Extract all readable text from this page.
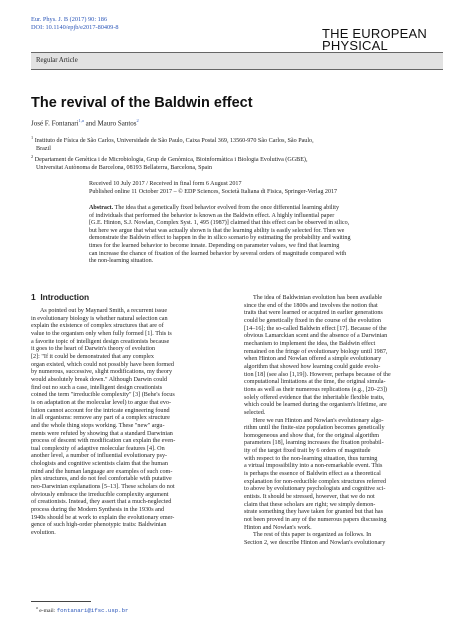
Eur. Phys. J. B (2017) 90: 186
DOI: 10.1140/epjb/e2017-80409-8	THE EUROPEAN
PHYSICAL
Regular Article
The revival of the Baldwin effect
José F. Fontanari$^{1,a}$ and Mauro Santos$^2$
$^1$ Instituto de Física de São Carlos, Universidade de São Paulo, Caixa Postal 369, 13560-970 São Carlos, São Paulo,
Brazil
$^2$ Departament de Genètica i de Microbiologia, Grup de Genòmica, Bioinformàtica i Biologia Evolutiva (GGBE),
Universitat Autònoma de Barcelona, 08193 Bellaterra, Barcelona, Spain
Received 10 July 2017 / Received in final form 6 August 2017
Published online 11 October 2017 – © EDP Sciences, Società Italiana di Fisica, Springer-Verlag 2017
Abstract. The idea that a genetically fixed behavior evolved from the once differential learning ability
of individuals that performed the behavior is known as the Baldwin effect. A highly influential paper
[G.E. Hinton, S.J. Nowlan, Complex Syst. 1, 495 (1987)] claimed that this effect can be observed in silico,
but here we argue that what was actually shown is that the learning ability is easily selected for. Then we
demonstrate the Baldwin effect to happen in the in silico scenario by estimating the probability and waiting
times for the learned behavior to become innate. Depending on parameter values, we find that learning
can increase the chance of fixation of the learned behavior by several orders of magnitude compared with
the non-learning situation.
1 Introduction
As pointed out by Maynard Smith, a recurrent issue
in evolutionary biology is whether natural selection can
explain the existence of complex structures that are of
value to the organism only when fully formed [1]. This is
a favorite topic of intelligent design creationists because
it goes to the heart of Darwin's theory of evolution
[2]: "If it could be demonstrated that any complex
organ existed, which could not possibly have been formed
by numerous, successive, slight modifications, my theory
would absolutely break down." Although Darwin could
find out no such a case, intelligent design creationists
coined the term "irreducible complexity" [3] (Behe's focus
is on adaptation at the molecular level) to argue that evo-
lution cannot account for the intricate engineering found
in all organisms: remove any part of a complex structure
and the whole thing stops working. These "new" argu-
ments were refuted by showing that a standard Darwinian
process of descent with modification can explain the even-
tual complexity of adaptive molecular features [4]. On
another level, a number of influential evolutionary psy-
chologists and cognitive scientists claim that the human
mind and the human language are examples of such com-
plex structures, and do not feel comfortable with putative
neo-Darwinian explanations [5–13]. These scholars do not
obviously embrace the irreducible complexity argument
of creationists. Instead, they assert that a much-neglected
process during the Modern Synthesis in the 1930s and
1940s should be at work to explain the evolutionary emer-
gence of such high-order phenotypic traits: Baldwinian
evolution.
The idea of Baldwinian evolution has been available
since the end of the 1800s and involves the notion that
traits that were learned or acquired in earlier generations
could be genetically fixed in the course of the evolution
[14–16]; the so-called Baldwin effect [17]. Because of the
obvious Lamarckian scent and the absence of a Darwinian
mechanism to implement the idea, the Baldwin effect
remained on the fringe of evolutionary biology until 1987,
when Hinton and Nowlan offered a simple evolutionary
algorithm that showed how learning could guide evolu-
tion [18] (see also [1,19]). However, perhaps because of the
computational limitations at the time, the original simula-
tions as well as their numerous replications (e.g., [20–23])
solely offered evidence that the inheritable flexible traits,
which could be learned during the organism's lifetime, are
selected.
Here we run Hinton and Nowlan's evolutionary algo-
rithm until the finite-size population becomes genetically
homogeneous and show that, for the original algorithm
parameters [18], learning increases the fixation probabil-
ity of the target fixed trait by 6 orders of magnitude
with respect to the non-learning situation, thus turning
a virtual impossibility into a non-remarkable event. This
is perhaps the essence of Baldwin effect as a theoretical
explanation for non-reducible complex structures referred
to above by evolutionary psychologists and cognitive sci-
entists. It should be stressed, however, that we do not
claim that these scholars are right; we simply demon-
strate something they have taken for granted but that has
not been proved in any of the numerous papers discussing
Hinton and Nowlan's work.
The rest of this paper is organized as follows. In
Section 2, we describe Hinton and Nowlan's evolutionary
$^a$ e-mail: fontanari@ifsc.usp.br
